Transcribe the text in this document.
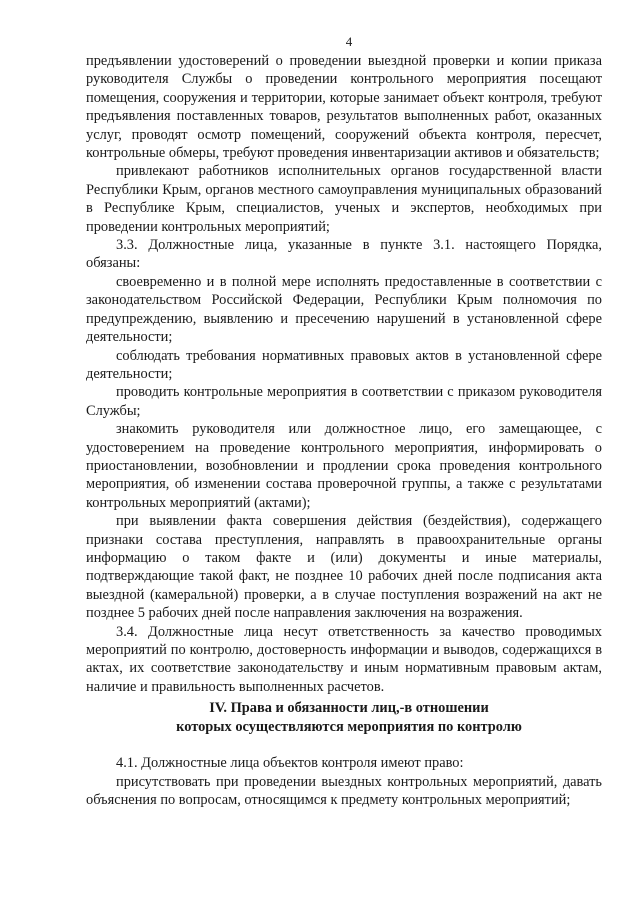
4

предъявлении удостоверений о проведении выездной проверки и копии приказа руководителя Службы о проведении контрольного мероприятия посещают помещения, сооружения и территории, которые занимает объект контроля, требуют предъявления поставленных товаров, результатов выполненных работ, оказанных услуг, проводят осмотр помещений, сооружений объекта контроля, пересчет, контрольные обмеры, требуют проведения инвентаризации активов и обязательств;

привлекают работников исполнительных органов государственной власти Республики Крым, органов местного самоуправления муниципальных образований в Республике Крым, специалистов, ученых и экспертов, необходимых при проведении контрольных мероприятий;

3.3. Должностные лица, указанные в пункте 3.1. настоящего Порядка, обязаны:

своевременно и в полной мере исполнять предоставленные в соответствии с законодательством Российской Федерации, Республики Крым полномочия по предупреждению, выявлению и пресечению нарушений в установленной сфере деятельности;

соблюдать требования нормативных правовых актов в установленной сфере деятельности;

проводить контрольные мероприятия в соответствии с приказом руководителя Службы;

знакомить руководителя или должностное лицо, его замещающее, с удостоверением на проведение контрольного мероприятия, информировать о приостановлении, возобновлении и продлении срока проведения контрольного мероприятия, об изменении состава проверочной группы, а также с результатами контрольных мероприятий (актами);

при выявлении факта совершения действия (бездействия), содержащего признаки состава преступления, направлять в правоохранительные органы информацию о таком факте и (или) документы и иные материалы, подтверждающие такой факт, не позднее 10 рабочих дней после подписания акта выездной (камеральной) проверки, а в случае поступления возражений на акт не позднее 5 рабочих дней после направления заключения на возражения.

3.4. Должностные лица несут ответственность за качество проводимых мероприятий по контролю, достоверность информации и выводов, содержащихся в актах, их соответствие законодательству и иным нормативным правовым актам, наличие и правильность выполненных расчетов.

IV. Права и обязанности лиц,-в отношении
которых осуществляются мероприятия по контролю

4.1. Должностные лица объектов контроля имеют право:

присутствовать при проведении выездных контрольных мероприятий, давать объяснения по вопросам, относящимся к предмету контрольных мероприятий;
